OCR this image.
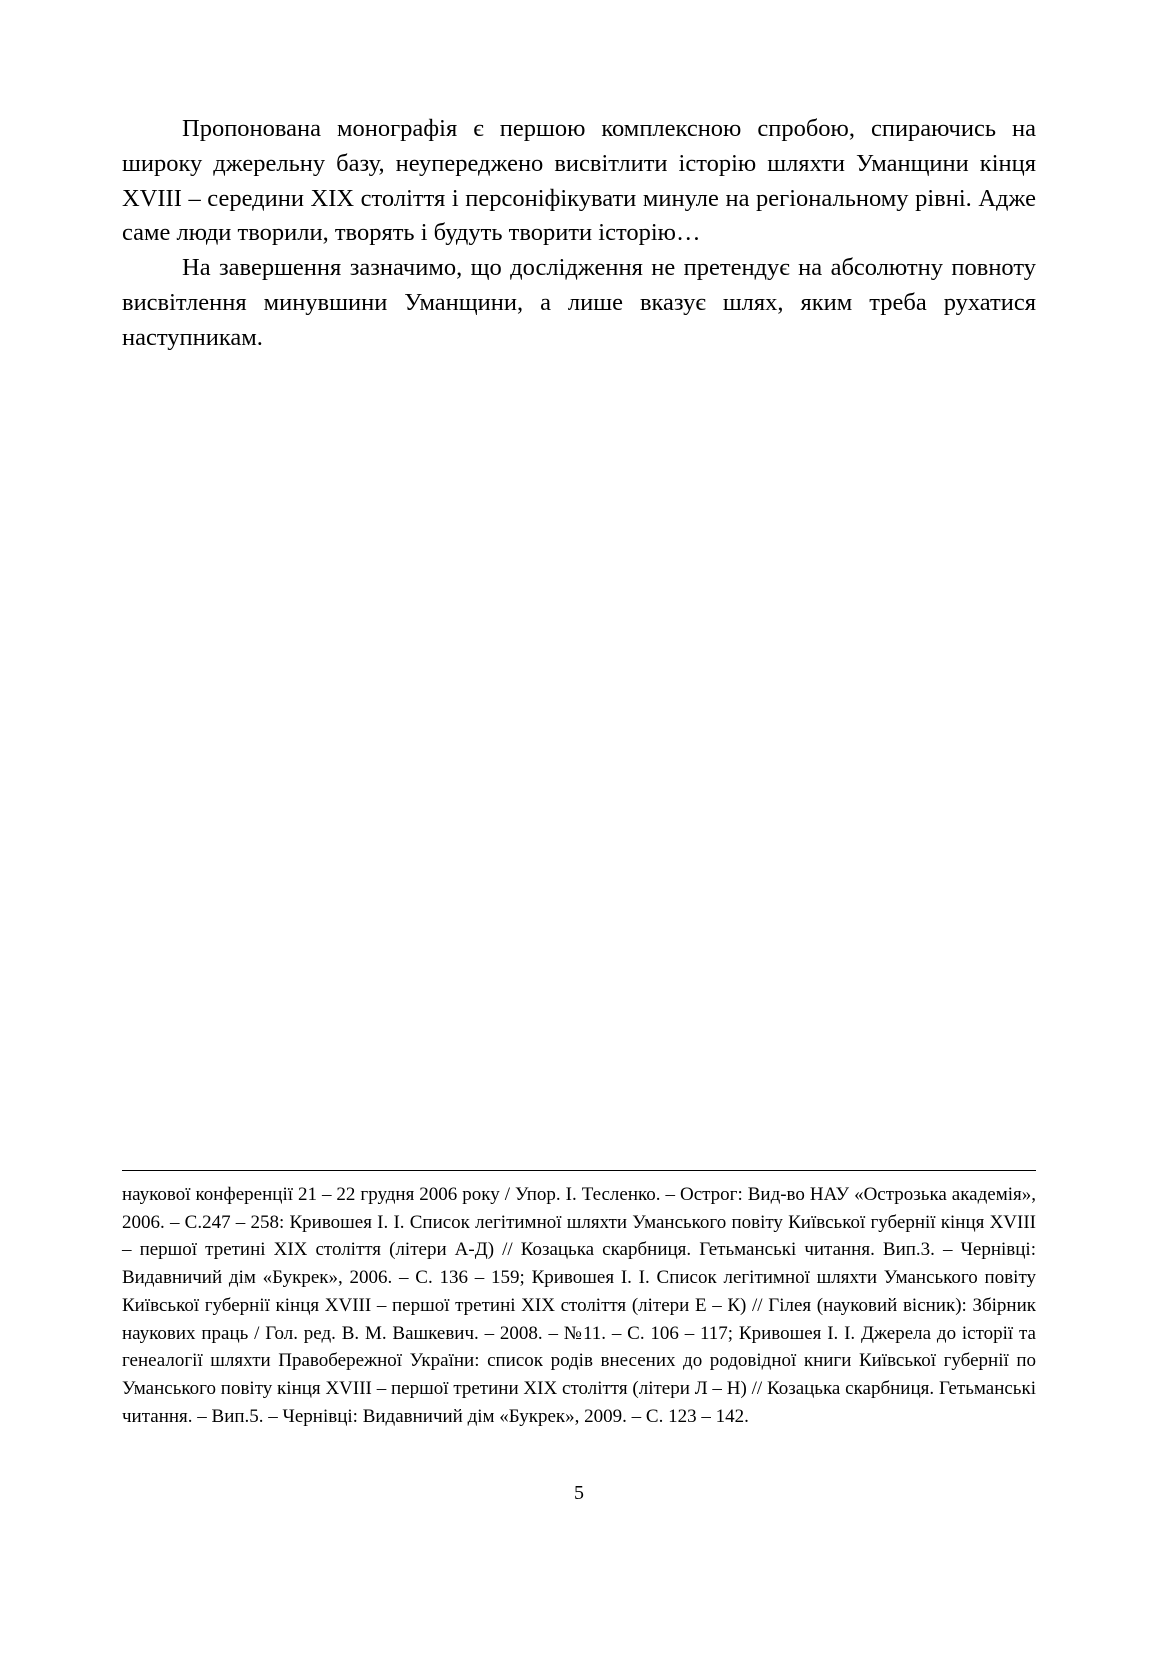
Пропонована монографія є першою комплексною спробою, спираючись на широку джерельну базу, неупереджено висвітлити історію шляхти Уманщини кінця XVIII – середини XIX століття і персоніфікувати минуле на регіональному рівні. Адже саме люди творили, творять і будуть творити історію…

На завершення зазначимо, що дослідження не претендує на абсолютну повноту висвітлення минувшини Уманщини, а лише вказує шлях, яким треба рухатися наступникам.

наукової конференції 21 – 22 грудня 2006 року / Упор. І. Тесленко. – Острог: Вид-во НАУ «Острозька академія», 2006. – С.247 – 258: Кривошея І. І. Список легітимної шляхти Уманського повіту Київської губернії кінця XVIII – першої третині XIX століття (літери А-Д) // Козацька скарбниця. Гетьманські читання. Вип.3. – Чернівці: Видавничий дім «Букрек», 2006. – С. 136 – 159; Кривошея І. І. Список легітимної шляхти Уманського повіту Київської губернії кінця XVIII – першої третині XIX століття (літери Е – К) // Гілея (науковий вісник): Збірник наукових праць / Гол. ред. В. М. Вашкевич. – 2008. – №11. – С. 106 – 117; Кривошея І. І. Джерела до історії та генеалогії шляхти Правобережної України: список родів внесених до родовідної книги Київської губернії по Уманського повіту кінця XVIII – першої третини XIX століття (літери Л – Н) // Козацька скарбниця. Гетьманські читання. – Вип.5. – Чернівці: Видавничий дім «Букрек», 2009. – С. 123 – 142.

5
